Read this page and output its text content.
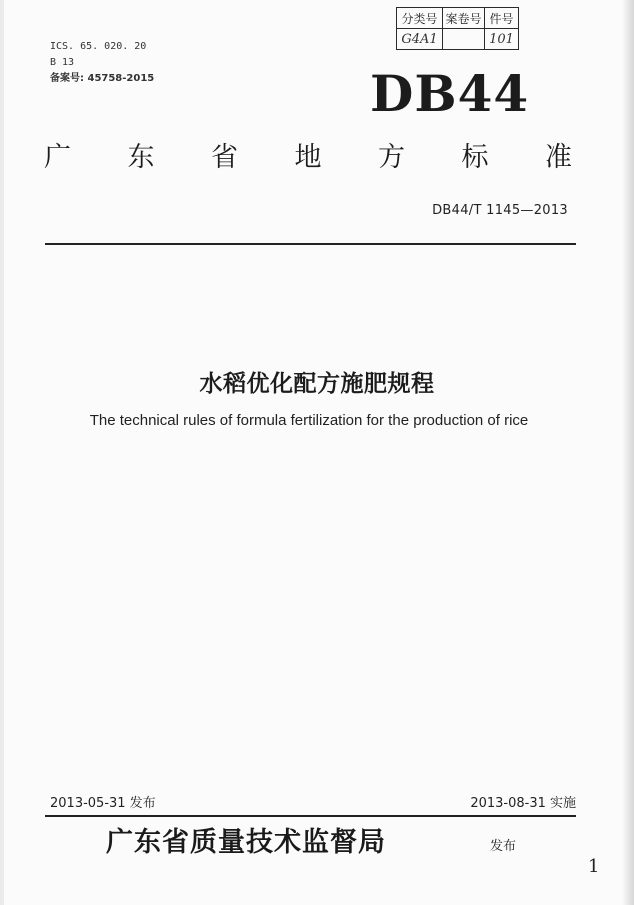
分类号	案卷号	件号
G4A1		101
ICS. 65. 020. 20
B 13
备案号: 45758-2015	DB44
广 东 省 地 方 标 准
DB44/T 1145—2013
水稻优化配方施肥规程
The technical rules of formula fertilization for the production of rice
2013-05-31 发布	2013-08-31 实施
广东省质量技术监督局	发布
1
